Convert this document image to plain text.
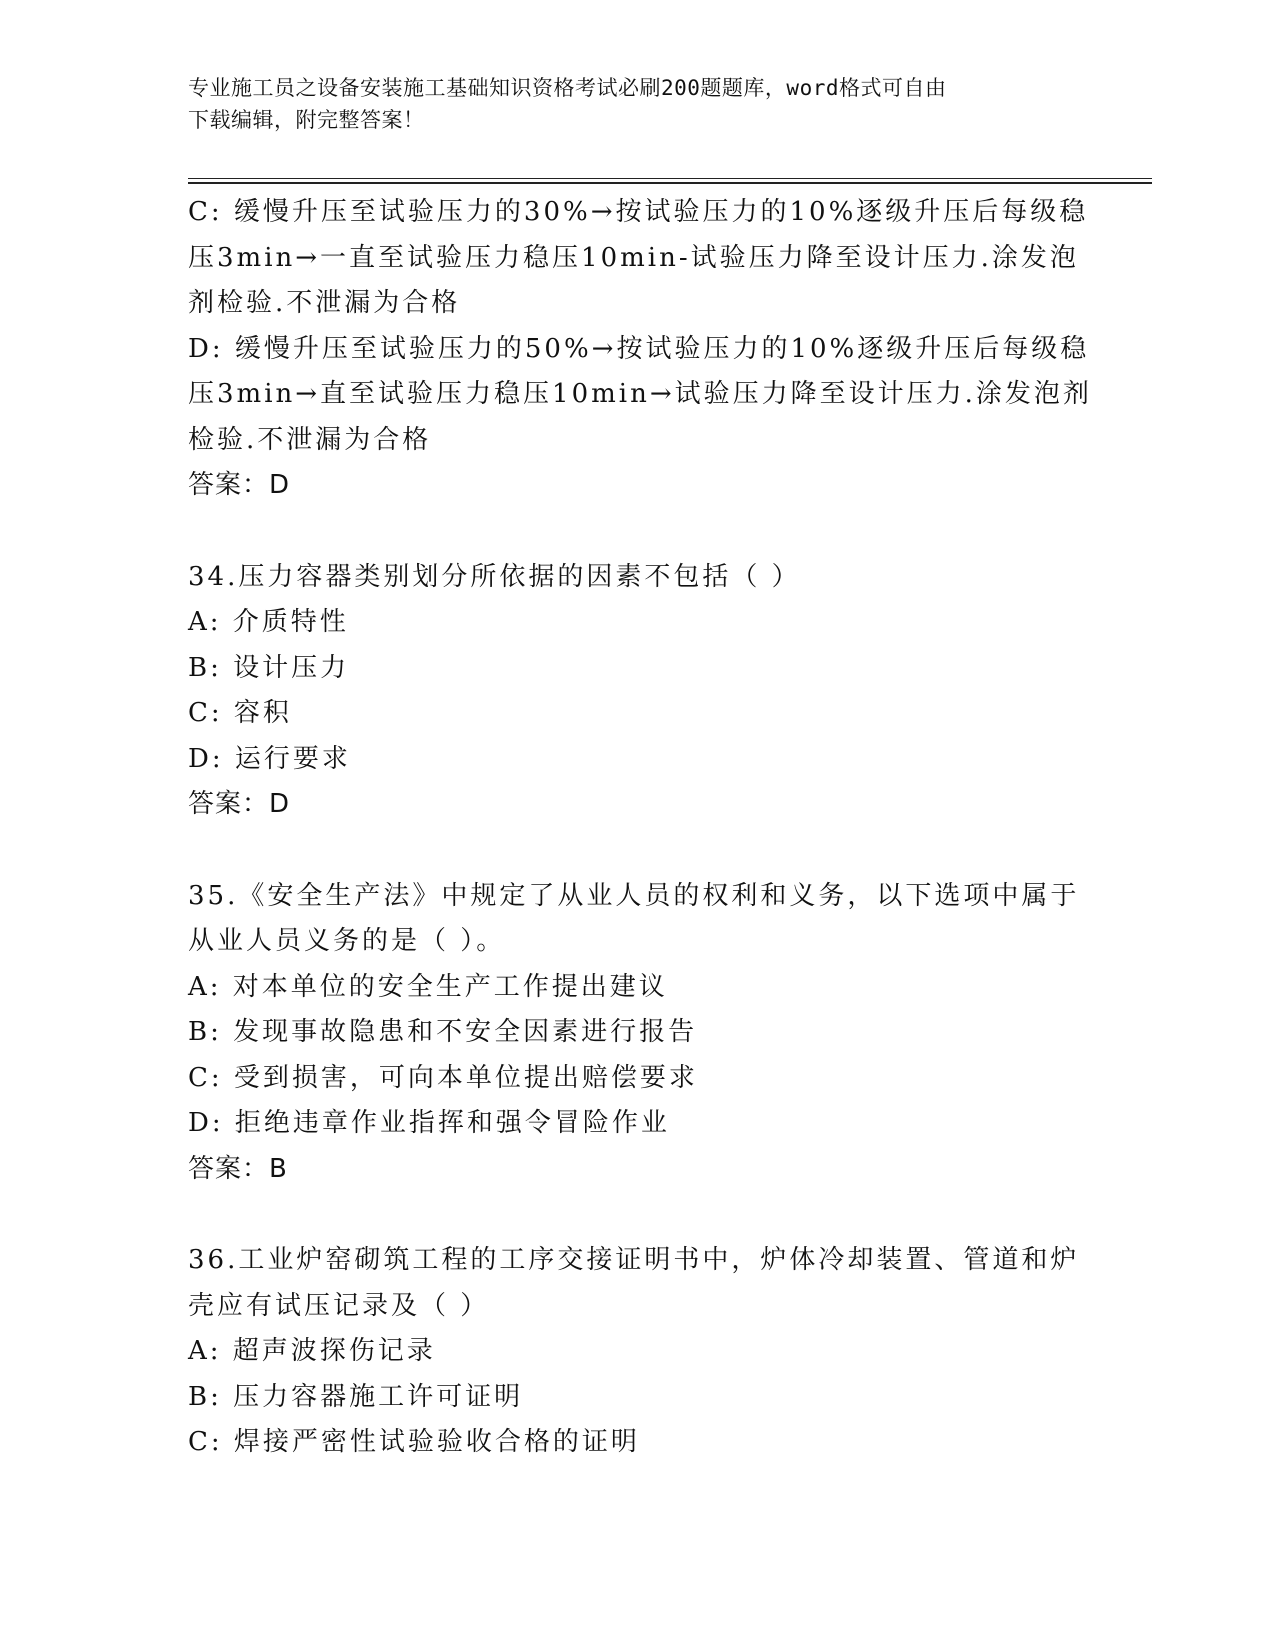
专业施工员之设备安装施工基础知识资格考试必刷200题题库，word格式可自由
下载编辑，附完整答案！
C: 缓慢升压至试验压力的30%→按试验压力的10%逐级升压后每级稳
压3min→一直至试验压力稳压10min-试验压力降至设计压力.涂发泡
剂检验.不泄漏为合格
D: 缓慢升压至试验压力的50%→按试验压力的10%逐级升压后每级稳
压3min→直至试验压力稳压10min→试验压力降至设计压力.涂发泡剂
检验.不泄漏为合格
答案：D
34.压力容器类别划分所依据的因素不包括（ ）
A: 介质特性
B: 设计压力
C: 容积
D: 运行要求
答案：D
35.《安全生产法》中规定了从业人员的权利和义务，以下选项中属于
从业人员义务的是（ ）。
A: 对本单位的安全生产工作提出建议
B: 发现事故隐患和不安全因素进行报告
C: 受到损害，可向本单位提出赔偿要求
D: 拒绝违章作业指挥和强令冒险作业
答案：B
36.工业炉窑砌筑工程的工序交接证明书中，炉体冷却装置、管道和炉
壳应有试压记录及（ ）
A: 超声波探伤记录
B: 压力容器施工许可证明
C: 焊接严密性试验验收合格的证明
